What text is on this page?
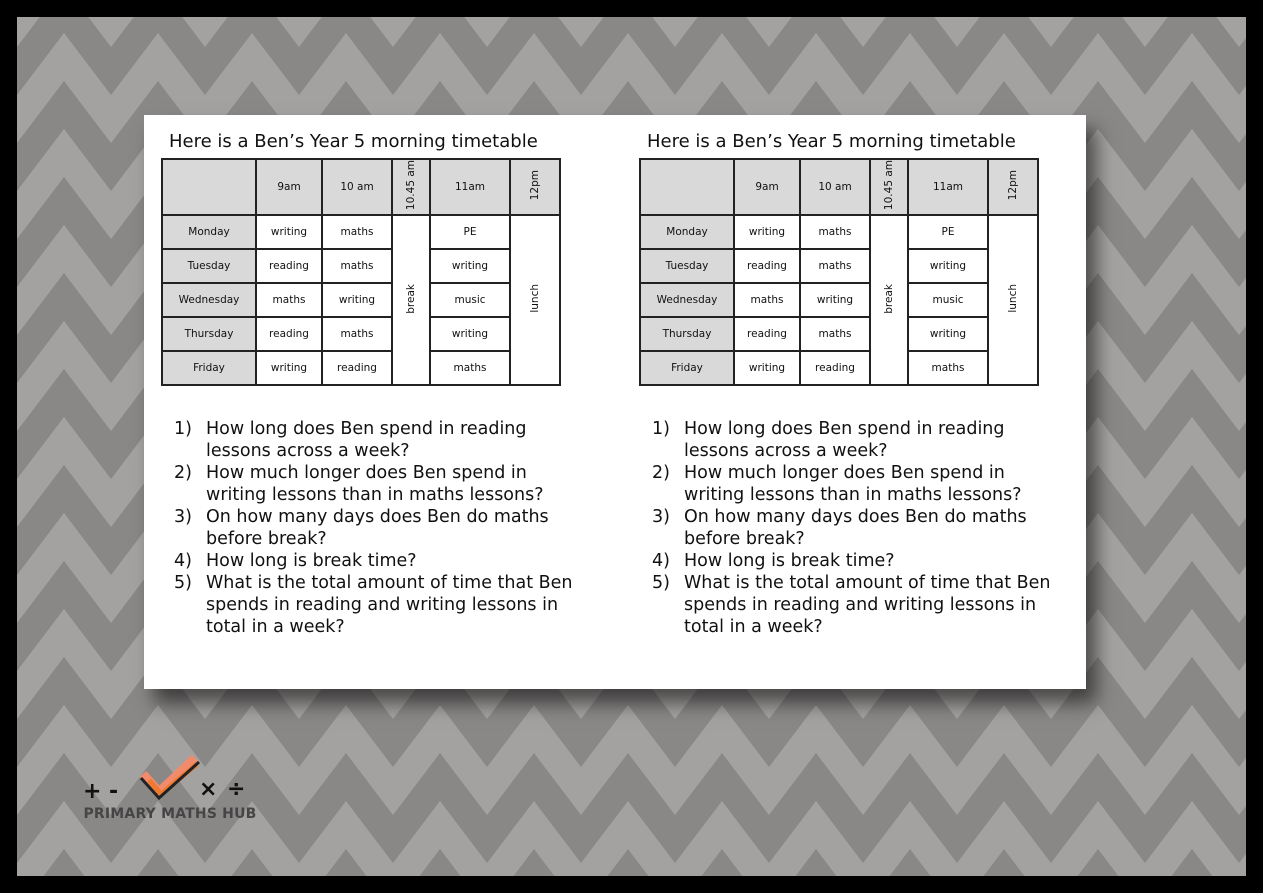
Here is a Ben’s Year 5 morning timetable
	9am	10 am	10.45 am	11am	12pm
Monday	writing	maths	break	PE	lunch
Tuesday	reading	maths		writing	
Wednesday	maths	writing		music	
Thursday	reading	maths		writing	
Friday	writing	reading		maths	
1) How long does Ben spend in reading lessons across a week?
2) How much longer does Ben spend in writing lessons than in maths lessons?
3) On how many days does Ben do maths before break?
4) How long is break time?
5) What is the total amount of time that Ben spends in reading and writing lessons in total in a week?
Here is a Ben’s Year 5 morning timetable
	9am	10 am	10.45 am	11am	12pm
Monday	writing	maths	break	PE	lunch
Tuesday	reading	maths		writing	
Wednesday	maths	writing		music	
Thursday	reading	maths		writing	
Friday	writing	reading		maths	
1) How long does Ben spend in reading lessons across a week?
2) How much longer does Ben spend in writing lessons than in maths lessons?
3) On how many days does Ben do maths before break?
4) How long is break time?
5) What is the total amount of time that Ben spends in reading and writing lessons in total in a week?
+ -	× ÷
PRIMARY MATHS HUB
